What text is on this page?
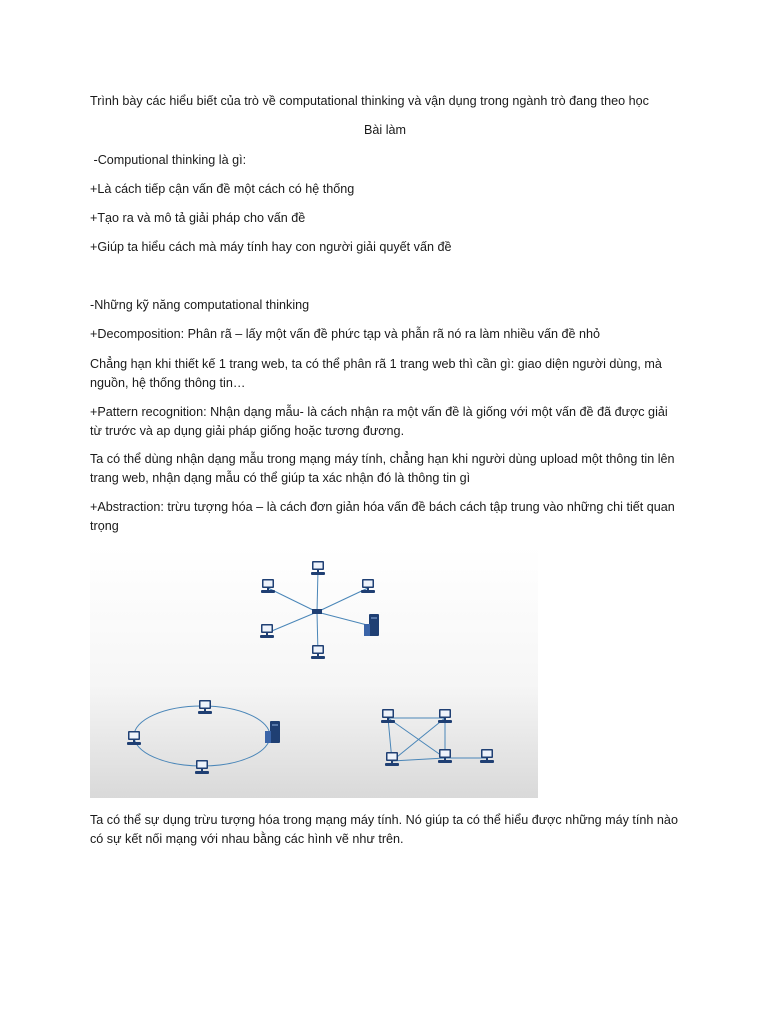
Trình bày các hiểu biết của trò về computational thinking và vận dụng trong ngành trò đang theo học

Bài làm

-Computional thinking là gì:

+Là cách tiếp cận vấn đề một cách có hệ thống

+Tạo ra và mô tả giải pháp cho vấn đề

+Giúp ta hiểu cách mà máy tính hay con người giải quyết vấn đề

-Những kỹ năng computational thinking

+Decomposition: Phân rã – lấy một vấn đề phức tạp và phẫn rã nó ra làm nhiều vấn đề nhỏ

Chẳng hạn khi thiết kế 1 trang web, ta có thể phân rã 1 trang web thì cần gì: giao diện người dùng, mà nguồn, hệ thống thông tin…

+Pattern recognition: Nhận dạng mẫu- là cách nhận ra một vấn đề là giống với một vấn đề đã được giải từ trước và ap dụng giải pháp giống hoặc tương đương.

Ta có thể dùng nhận dạng mẫu trong mạng máy tính, chẳng hạn khi người dùng upload một thông tin lên trang web, nhận dạng mẫu có thể giúp ta xác nhận đó là thông tin gì

+Abstraction: trừu tượng hóa – là cách đơn giản hóa vấn đề bách cách tập trung vào những chi tiết quan trọng

Ta có thể sự dụng trừu tượng hóa trong mạng máy tính. Nó giúp ta có thể hiểu được những máy tính nào có sự kết nối mạng với nhau bằng các hình vẽ như trên.
